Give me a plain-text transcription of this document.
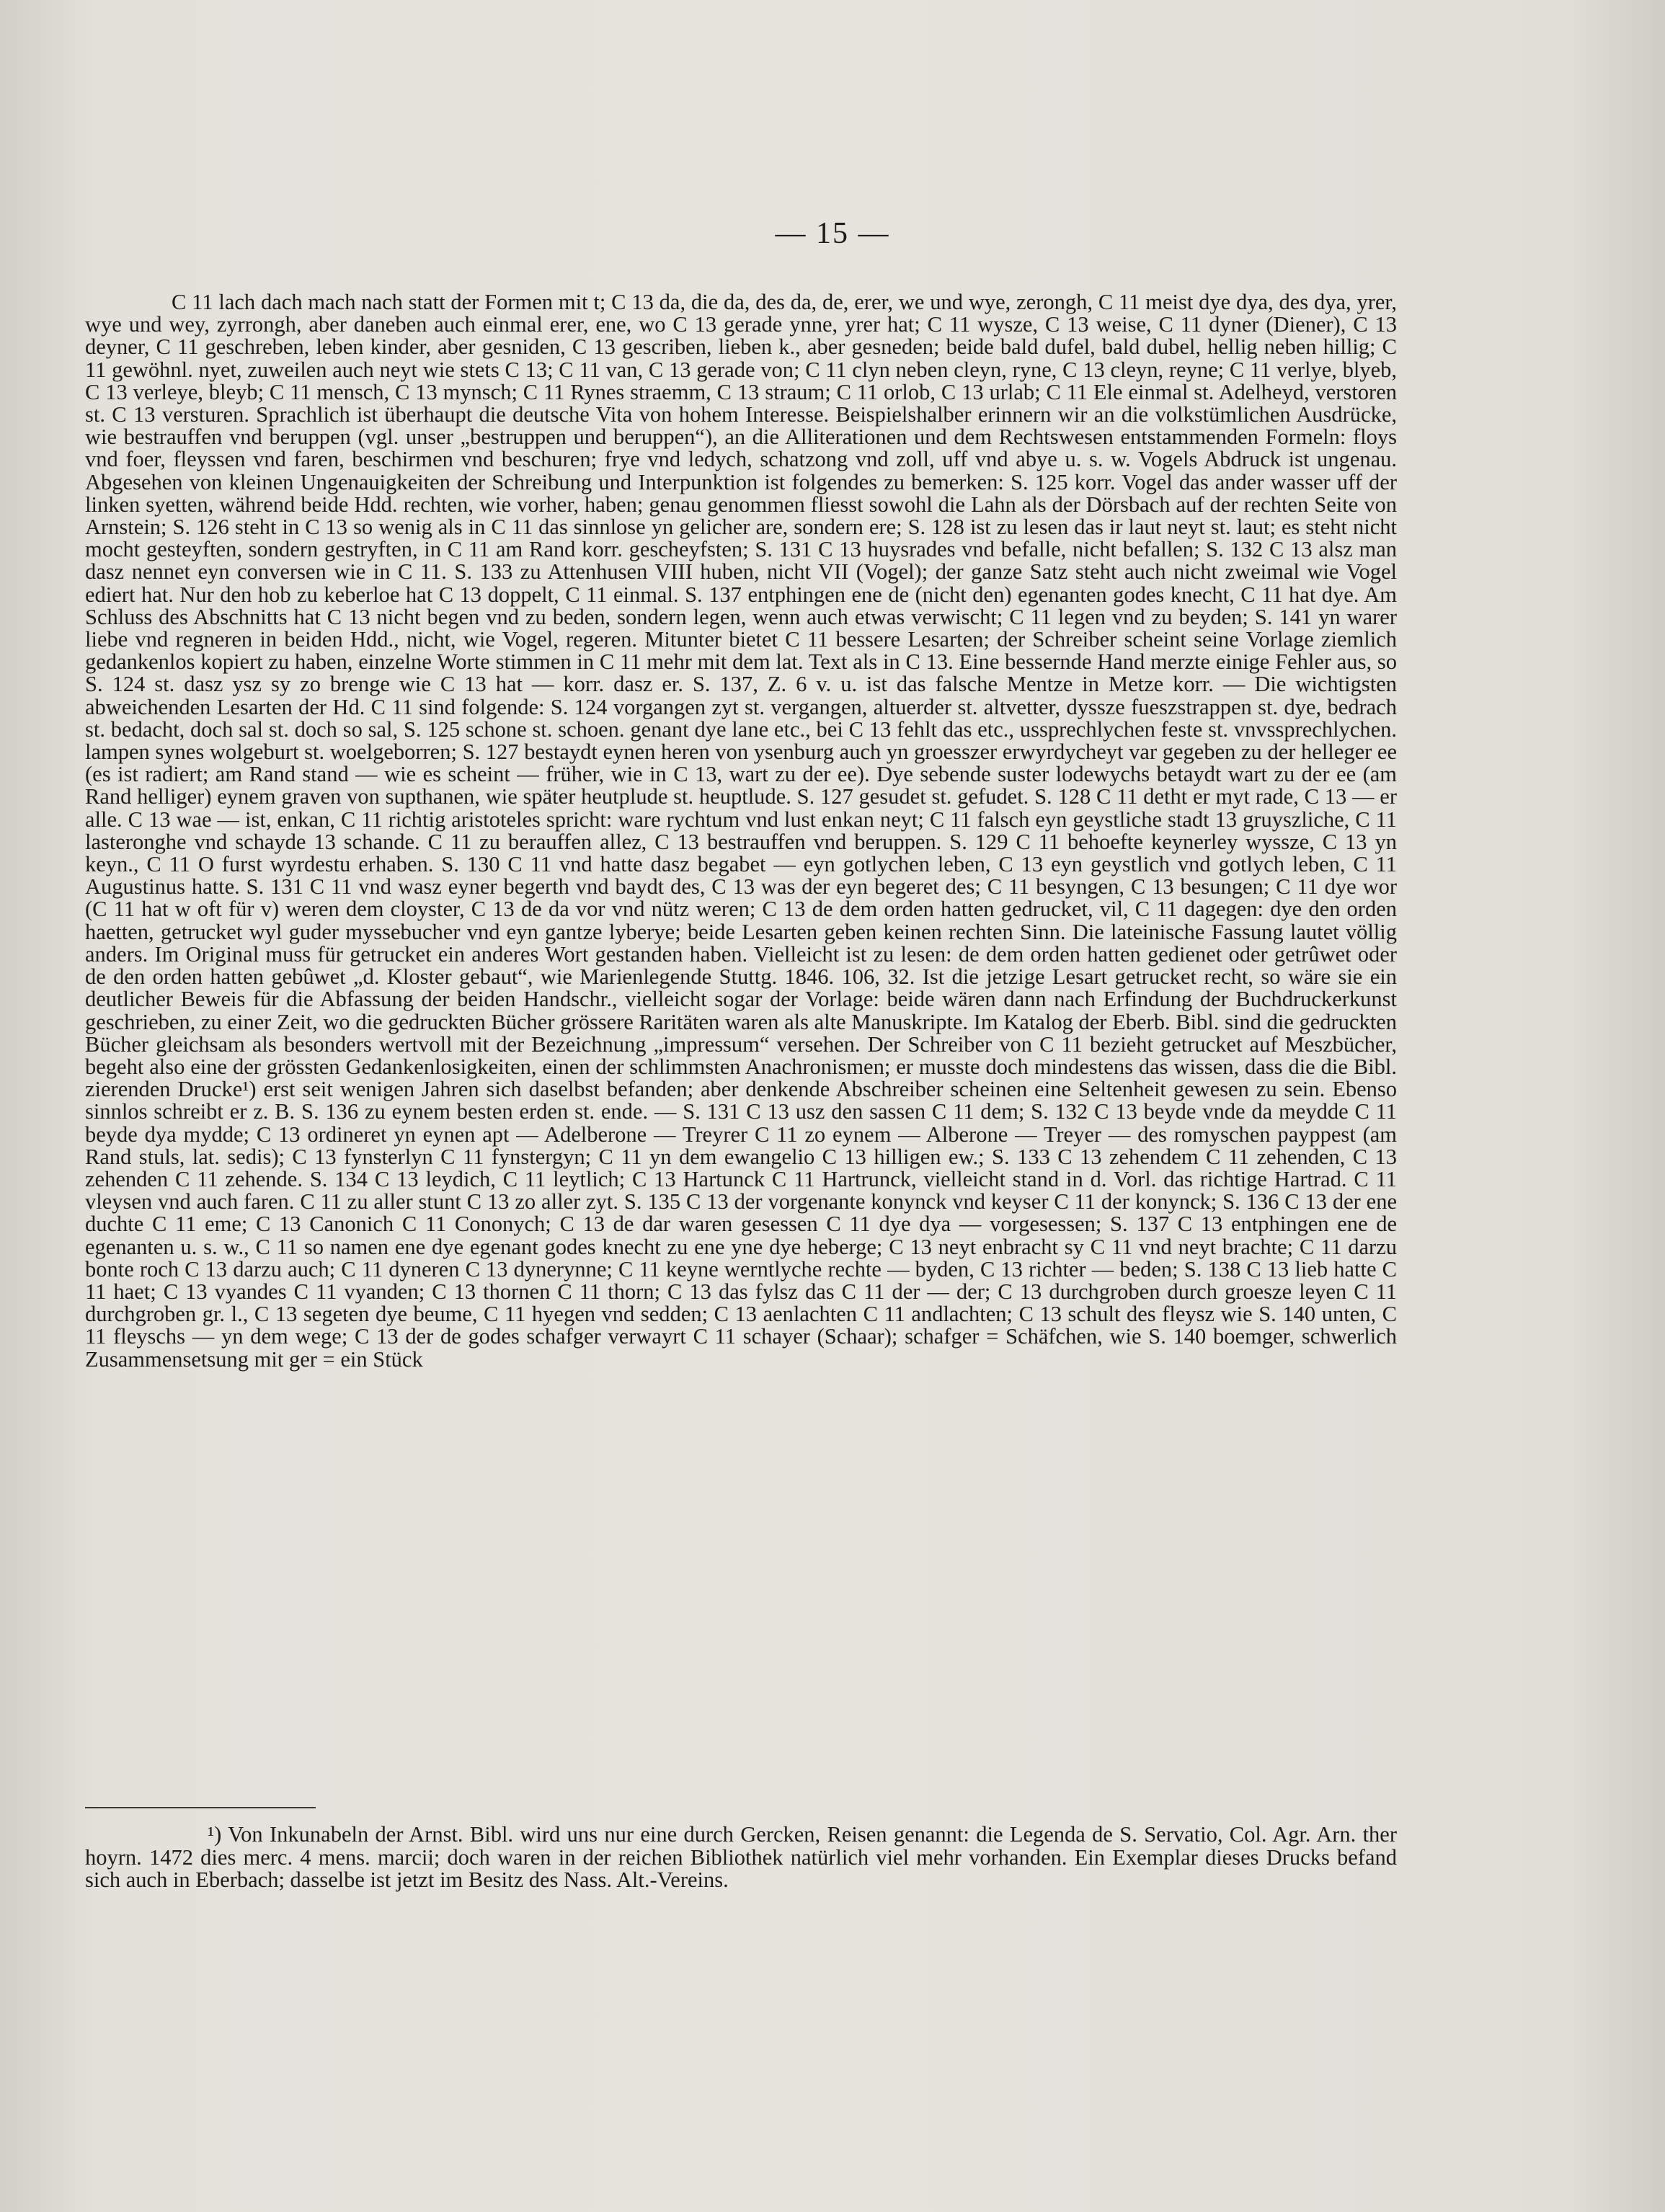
— 15 —

C 11 lach dach mach nach statt der Formen mit t; C 13 da, die da, des da, de, erer, we und wye, zerongh, C 11 meist dye dya, des dya, yrer, wye und wey, zyrrongh, aber daneben auch einmal erer, ene, wo C 13 gerade ynne, yrer hat; C 11 wysze, C 13 weise, C 11 dyner (Diener), C 13 deyner, C 11 geschreben, leben kinder, aber gesniden, C 13 gescriben, lieben k., aber gesneden; beide bald dufel, bald dubel, hellig neben hillig; C 11 gewöhnl. nyet, zuweilen auch neyt wie stets C 13; C 11 van, C 13 gerade von; C 11 clyn neben cleyn, ryne, C 13 cleyn, reyne; C 11 verlye, blyeb, C 13 verleye, bleyb; C 11 mensch, C 13 mynsch; C 11 Rynes straemm, C 13 straum; C 11 orlob, C 13 urlab; C 11 Ele einmal st. Adelheyd, verstoren st. C 13 versturen. Sprachlich ist überhaupt die deutsche Vita von hohem Interesse. Beispielshalber erinnern wir an die volkstümlichen Ausdrücke, wie bestrauffen vnd beruppen (vgl. unser „bestruppen und beruppen“), an die Alliterationen und dem Rechtswesen entstammenden Formeln: floys vnd foer, fleyssen vnd faren, beschirmen vnd beschuren; frye vnd ledych, schatzong vnd zoll, uff vnd abye u. s. w. Vogels Abdruck ist ungenau. Abgesehen von kleinen Ungenauigkeiten der Schreibung und Interpunktion ist folgendes zu bemerken: S. 125 korr. Vogel das ander wasser uff der linken syetten, während beide Hdd. rechten, wie vorher, haben; genau genommen fliesst sowohl die Lahn als der Dörsbach auf der rechten Seite von Arnstein; S. 126 steht in C 13 so wenig als in C 11 das sinnlose yn gelicher are, sondern ere; S. 128 ist zu lesen das ir laut neyt st. laut; es steht nicht mocht gesteyften, sondern gestryften, in C 11 am Rand korr. gescheyfsten; S. 131 C 13 huysrades vnd befalle, nicht befallen; S. 132 C 13 alsz man dasz nennet eyn conversen wie in C 11. S. 133 zu Attenhusen VIII huben, nicht VII (Vogel); der ganze Satz steht auch nicht zweimal wie Vogel ediert hat. Nur den hob zu keberloe hat C 13 doppelt, C 11 einmal. S. 137 entphingen ene de (nicht den) egenanten godes knecht, C 11 hat dye. Am Schluss des Abschnitts hat C 13 nicht begen vnd zu beden, sondern legen, wenn auch etwas verwischt; C 11 legen vnd zu beyden; S. 141 yn warer liebe vnd regneren in beiden Hdd., nicht, wie Vogel, regeren. Mitunter bietet C 11 bessere Lesarten; der Schreiber scheint seine Vorlage ziemlich gedankenlos kopiert zu haben, einzelne Worte stimmen in C 11 mehr mit dem lat. Text als in C 13. Eine bessernde Hand merzte einige Fehler aus, so S. 124 st. dasz ysz sy zo brenge wie C 13 hat — korr. dasz er. S. 137, Z. 6 v. u. ist das falsche Mentze in Metze korr. — Die wichtigsten abweichenden Lesarten der Hd. C 11 sind folgende: S. 124 vorgangen zyt st. vergangen, altuerder st. altvetter, dyssze fueszstrappen st. dye, bedrach st. bedacht, doch sal st. doch so sal, S. 125 schone st. schoen. genant dye lane etc., bei C 13 fehlt das etc., ussprechlychen feste st. vnvssprechlychen. lampen synes wolgeburt st. woelgeborren; S. 127 bestaydt eynen heren von ysenburg auch yn groesszer erwyrdycheyt var gegeben zu der helleger ee (es ist radiert; am Rand stand — wie es scheint — früher, wie in C 13, wart zu der ee). Dye sebende suster lodewychs betaydt wart zu der ee (am Rand helliger) eynem graven von supthanen, wie später heutplude st. heuptlude. S. 127 gesudet st. gefudet. S. 128 C 11 detht er myt rade, C 13 — er alle. C 13 wae — ist, enkan, C 11 richtig aristoteles spricht: ware rychtum vnd lust enkan neyt; C 11 falsch eyn geystliche stadt 13 gruyszliche, C 11 lasteronghe vnd schayde 13 schande. C 11 zu berauffen allez, C 13 bestrauffen vnd beruppen. S. 129 C 11 behoefte keynerley wyssze, C 13 yn keyn., C 11 O furst wyrdestu erhaben. S. 130 C 11 vnd hatte dasz begabet — eyn gotlychen leben, C 13 eyn geystlich vnd gotlych leben, C 11 Augustinus hatte. S. 131 C 11 vnd wasz eyner begerth vnd baydt des, C 13 was der eyn begeret des; C 11 besyngen, C 13 besungen; C 11 dye wor (C 11 hat w oft für v) weren dem cloyster, C 13 de da vor vnd nütz weren; C 13 de dem orden hatten gedrucket, vil, C 11 dagegen: dye den orden haetten, getrucket wyl guder myssebucher vnd eyn gantze lyberye; beide Lesarten geben keinen rechten Sinn. Die lateinische Fassung lautet völlig anders. Im Original muss für getrucket ein anderes Wort gestanden haben. Vielleicht ist zu lesen: de dem orden hatten gedienet oder getrûwet oder de den orden hatten gebûwet „d. Kloster gebaut“, wie Marienlegende Stuttg. 1846. 106, 32. Ist die jetzige Lesart getrucket recht, so wäre sie ein deutlicher Beweis für die Abfassung der beiden Handschr., vielleicht sogar der Vorlage: beide wären dann nach Erfindung der Buchdruckerkunst geschrieben, zu einer Zeit, wo die gedruckten Bücher grössere Raritäten waren als alte Manuskripte. Im Katalog der Eberb. Bibl. sind die gedruckten Bücher gleichsam als besonders wertvoll mit der Bezeichnung „impressum“ versehen. Der Schreiber von C 11 bezieht getrucket auf Meszbücher, begeht also eine der grössten Gedankenlosigkeiten, einen der schlimmsten Anachronismen; er musste doch mindestens das wissen, dass die die Bibl. zierenden Drucke¹) erst seit wenigen Jahren sich daselbst befanden; aber denkende Abschreiber scheinen eine Seltenheit gewesen zu sein. Ebenso sinnlos schreibt er z. B. S. 136 zu eynem besten erden st. ende. — S. 131 C 13 usz den sassen C 11 dem; S. 132 C 13 beyde vnde da meydde C 11 beyde dya mydde; C 13 ordineret yn eynen apt — Adelberone — Treyrer C 11 zo eynem — Alberone — Treyer — des romyschen payppest (am Rand stuls, lat. sedis); C 13 fynsterlyn C 11 fynstergyn; C 11 yn dem ewangelio C 13 hilligen ew.; S. 133 C 13 zehendem C 11 zehenden, C 13 zehenden C 11 zehende. S. 134 C 13 leydich, C 11 leytlich; C 13 Hartunck C 11 Hartrunck, vielleicht stand in d. Vorl. das richtige Hartrad. C 11 vleysen vnd auch faren. C 11 zu aller stunt C 13 zo aller zyt. S. 135 C 13 der vorgenante konynck vnd keyser C 11 der konynck; S. 136 C 13 der ene duchte C 11 eme; C 13 Canonich C 11 Cononych; C 13 de dar waren gesessen C 11 dye dya — vorgesessen; S. 137 C 13 entphingen ene de egenanten u. s. w., C 11 so namen ene dye egenant godes knecht zu ene yne dye heberge; C 13 neyt enbracht sy C 11 vnd neyt brachte; C 11 darzu bonte roch C 13 darzu auch; C 11 dyneren C 13 dynerynne; C 11 keyne werntlyche rechte — byden, C 13 richter — beden; S. 138 C 13 lieb hatte C 11 haet; C 13 vyandes C 11 vyanden; C 13 thornen C 11 thorn; C 13 das fylsz das C 11 der — der; C 13 durchgroben durch groesze leyen C 11 durchgroben gr. l., C 13 segeten dye beume, C 11 hyegen vnd sedden; C 13 aenlachten C 11 andlachten; C 13 schult des fleysz wie S. 140 unten, C 11 fleyschs — yn dem wege; C 13 der de godes schafger verwayrt C 11 schayer (Schaar); schafger = Schäfchen, wie S. 140 boemger, schwerlich Zusammensetsung mit ger = ein Stück

¹) Von Inkunabeln der Arnst. Bibl. wird uns nur eine durch Gercken, Reisen genannt: die Legenda de S. Servatio, Col. Agr. Arn. ther hoyrn. 1472 dies merc. 4 mens. marcii; doch waren in der reichen Bibliothek natürlich viel mehr vorhanden. Ein Exemplar dieses Drucks befand sich auch in Eberbach; dasselbe ist jetzt im Besitz des Nass. Alt.-Vereins.
